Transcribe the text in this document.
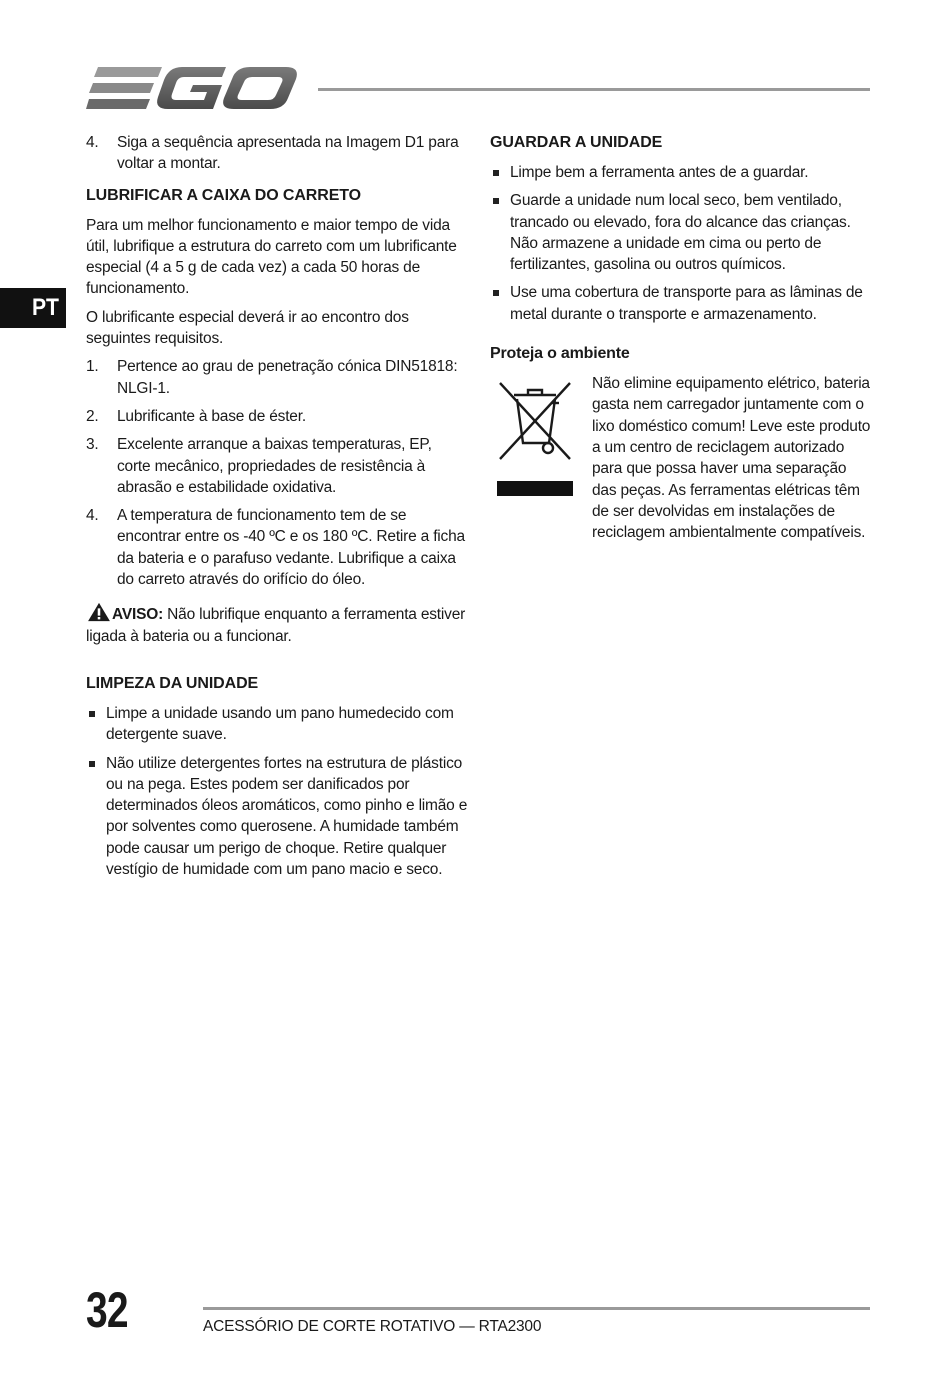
PT
4. Siga a sequência apresentada na Imagem D1 para voltar a montar.
LUBRIFICAR A CAIXA DO CARRETO

Para um melhor funcionamento e maior tempo de vida útil, lubrifique a estrutura do carreto com um lubrificante especial (4 a 5 g de cada vez) a cada 50 horas de funcionamento.

O lubrificante especial deverá ir ao encontro dos seguintes requisitos.

1. Pertence ao grau de penetração cónica DIN51818: NLGI-1.
2. Lubrificante à base de éster.
3. Excelente arranque a baixas temperaturas, EP, corte mecânico, propriedades de resistência à abrasão e estabilidade oxidativa.
4. A temperatura de funcionamento tem de se encontrar entre os -40 ºC e os 180 ºC. Retire a ficha da bateria e o parafuso vedante. Lubrifique a caixa do carreto através do orifício do óleo.

AVISO: Não lubrifique enquanto a ferramenta estiver ligada à bateria ou a funcionar.

LIMPEZA DA UNIDADE
Limpe a unidade usando um pano humedecido com detergente suave.
Não utilize detergentes fortes na estrutura de plástico ou na pega. Estes podem ser danificados por determinados óleos aromáticos, como pinho e limão e por solventes como querosene. A humidade também pode causar um perigo de choque. Retire qualquer vestígio de humidade com um pano macio e seco.
GUARDAR A UNIDADE
Limpe bem a ferramenta antes de a guardar.
Guarde a unidade num local seco, bem ventilado, trancado ou elevado, fora do alcance das crianças. Não armazene a unidade em cima ou perto de fertilizantes, gasolina ou outros químicos.
Use uma cobertura de transporte para as lâminas de metal durante o transporte e armazenamento.
Proteja o ambiente

Não elimine equipamento elétrico, bateria gasta nem carregador juntamente com o lixo doméstico comum! Leve este produto a um centro de reciclagem autorizado para que possa haver uma separação das peças. As ferramentas elétricas têm de ser devolvidas em instalações de reciclagem ambientalmente compatíveis.

32	ACESSÓRIO DE CORTE ROTATIVO — RTA2300
